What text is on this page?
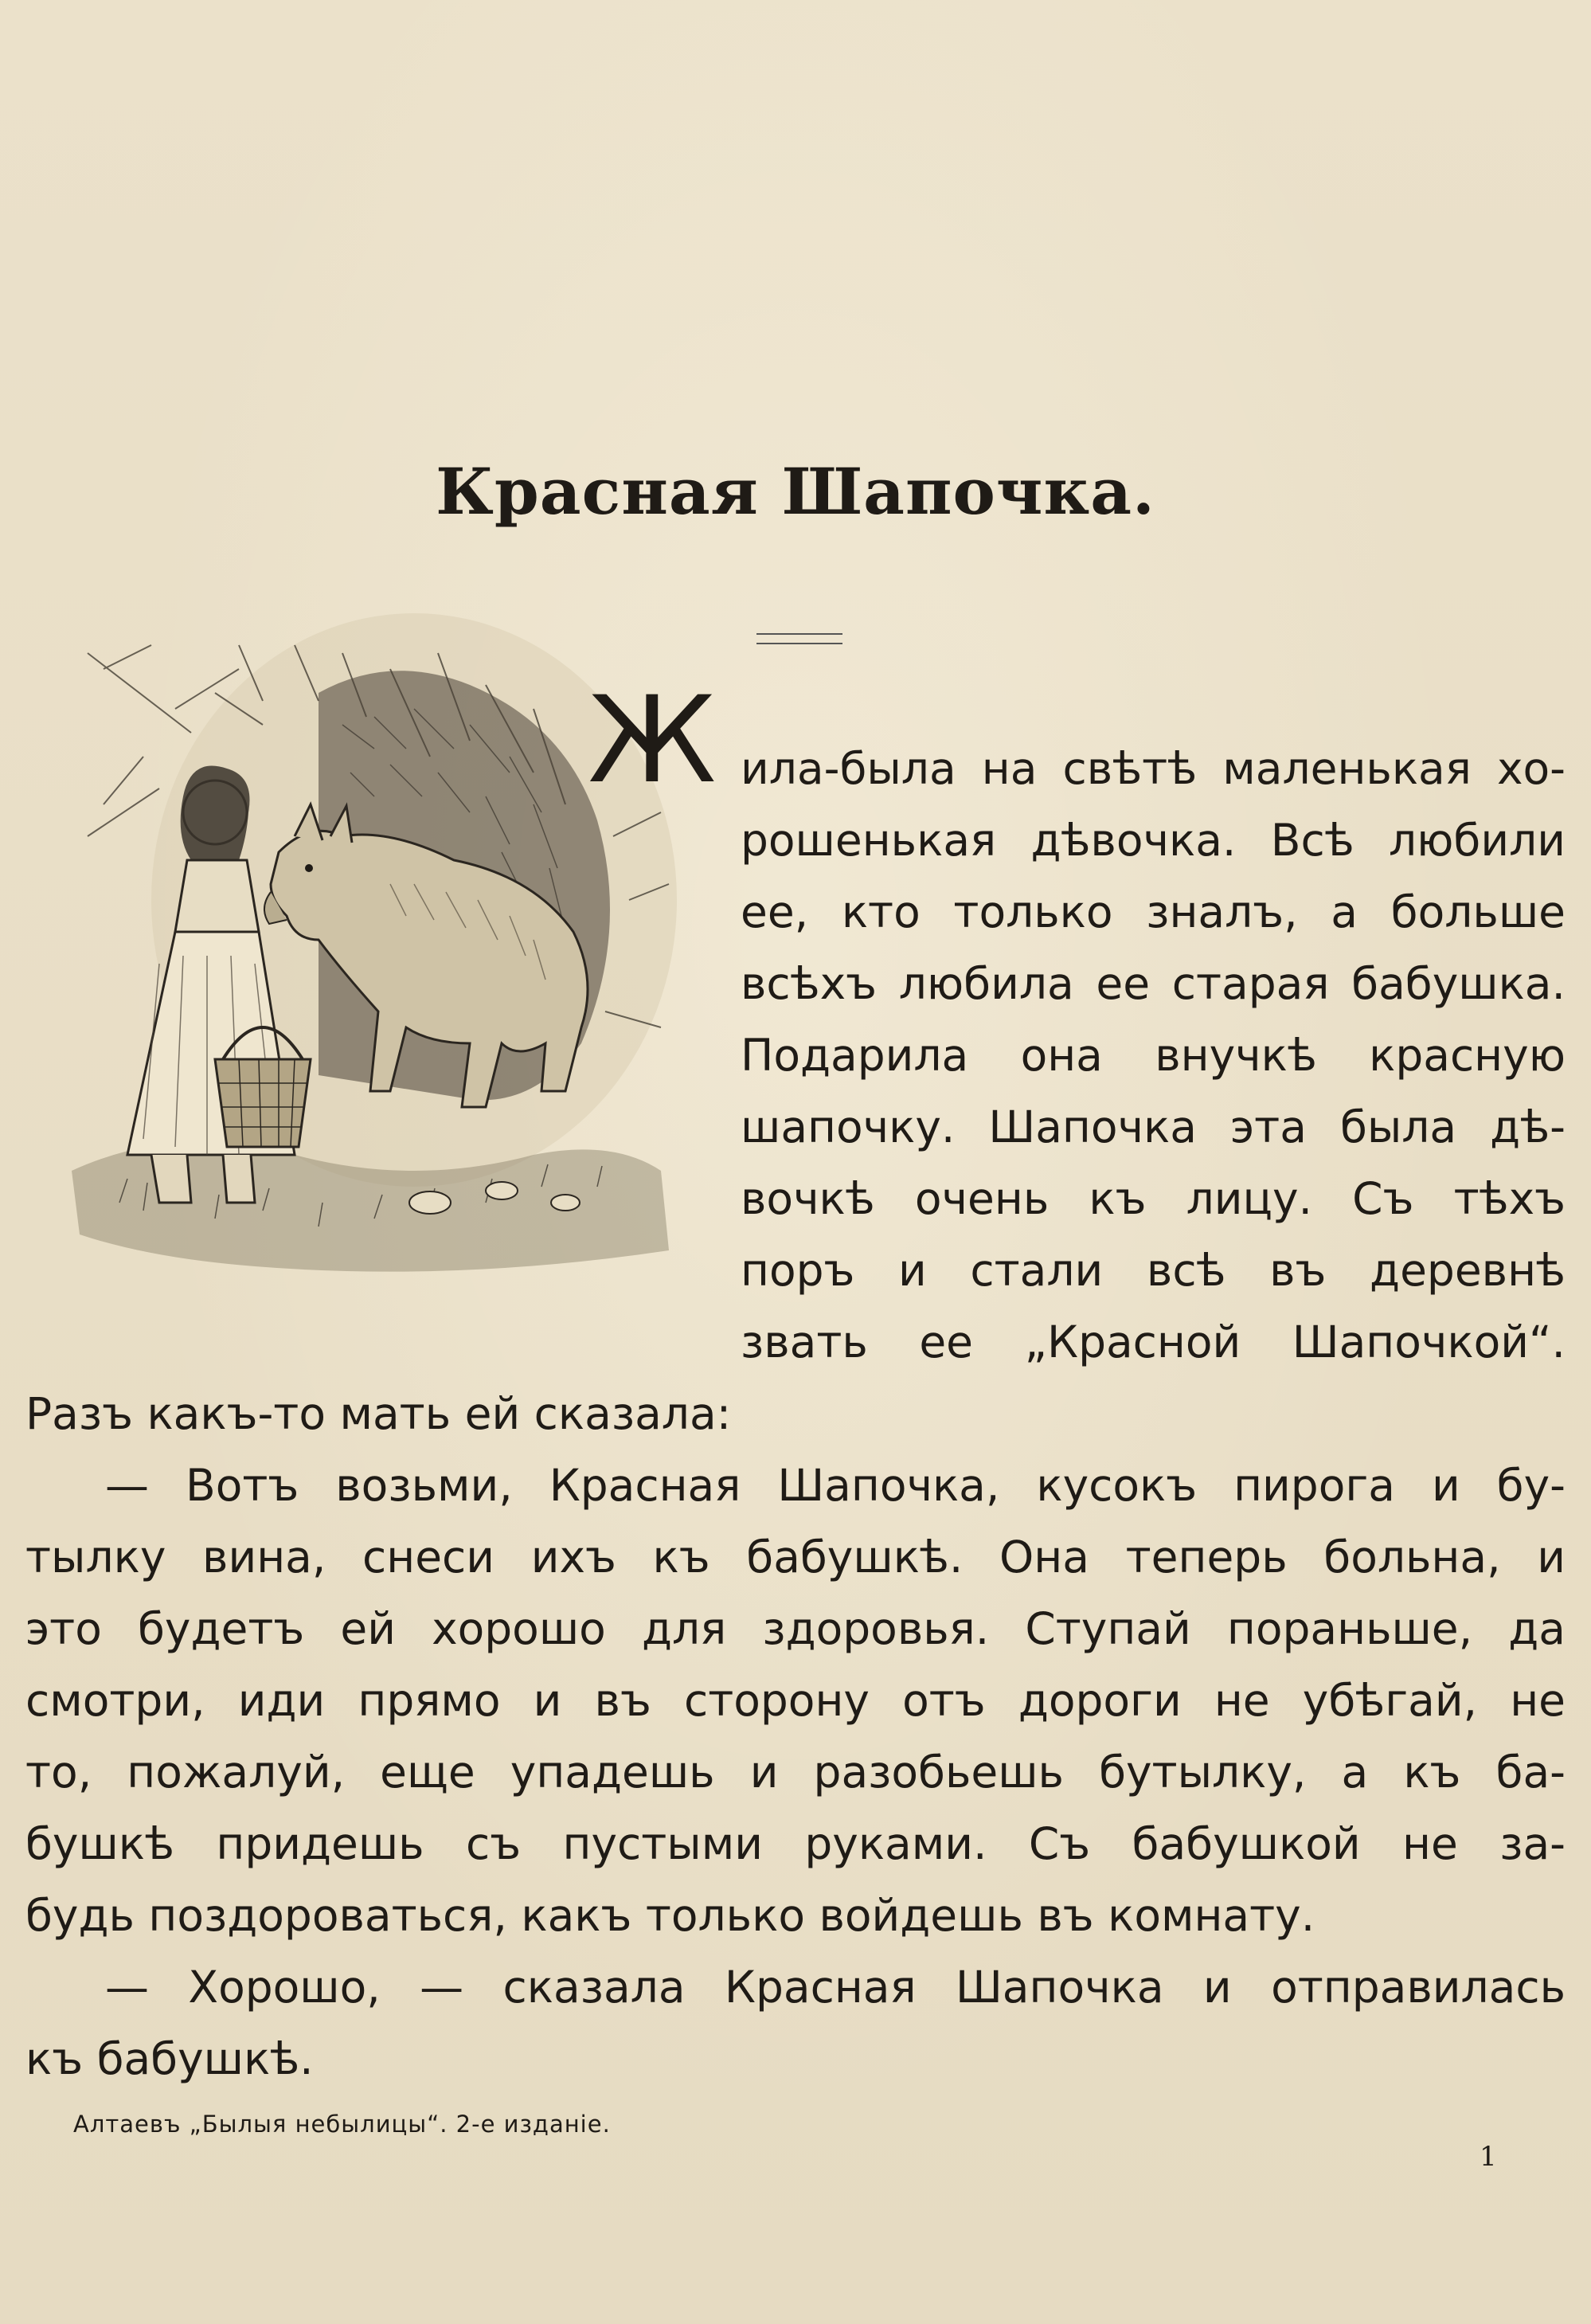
Красная Шапочка.
Ж ила-была на свѣтѣ маленькая хо-
рошенькая дѣвочка. Всѣ любили
ее, кто только зналъ, а больше
всѣхъ любила ее старая бабушка.
Подарила она внучкѣ красную
шапочку. Шапочка эта была дѣ-
вочкѣ очень къ лицу. Съ тѣхъ
поръ и стали всѣ въ деревнѣ
звать ее „Красной Шапочкой“.
Разъ какъ-то мать ей сказала:
— Вотъ возьми, Красная Шапочка, кусокъ пирога и бу-
тылку вина, снеси ихъ къ бабушкѣ. Она теперь больна, и
это будетъ ей хорошо для здоровья. Ступай пораньше, да
смотри, иди прямо и въ сторону отъ дороги не убѣгай, не
то, пожалуй, еще упадешь и разобьешь бутылку, а къ ба-
бушкѣ придешь съ пустыми руками. Съ бабушкой не за-
будь поздороваться, какъ только войдешь въ комнату.
— Хорошо, — сказала Красная Шапочка и отправилась
къ бабушкѣ.
Алтаевъ „Былыя небылицы“. 2-е изданіе.
1
